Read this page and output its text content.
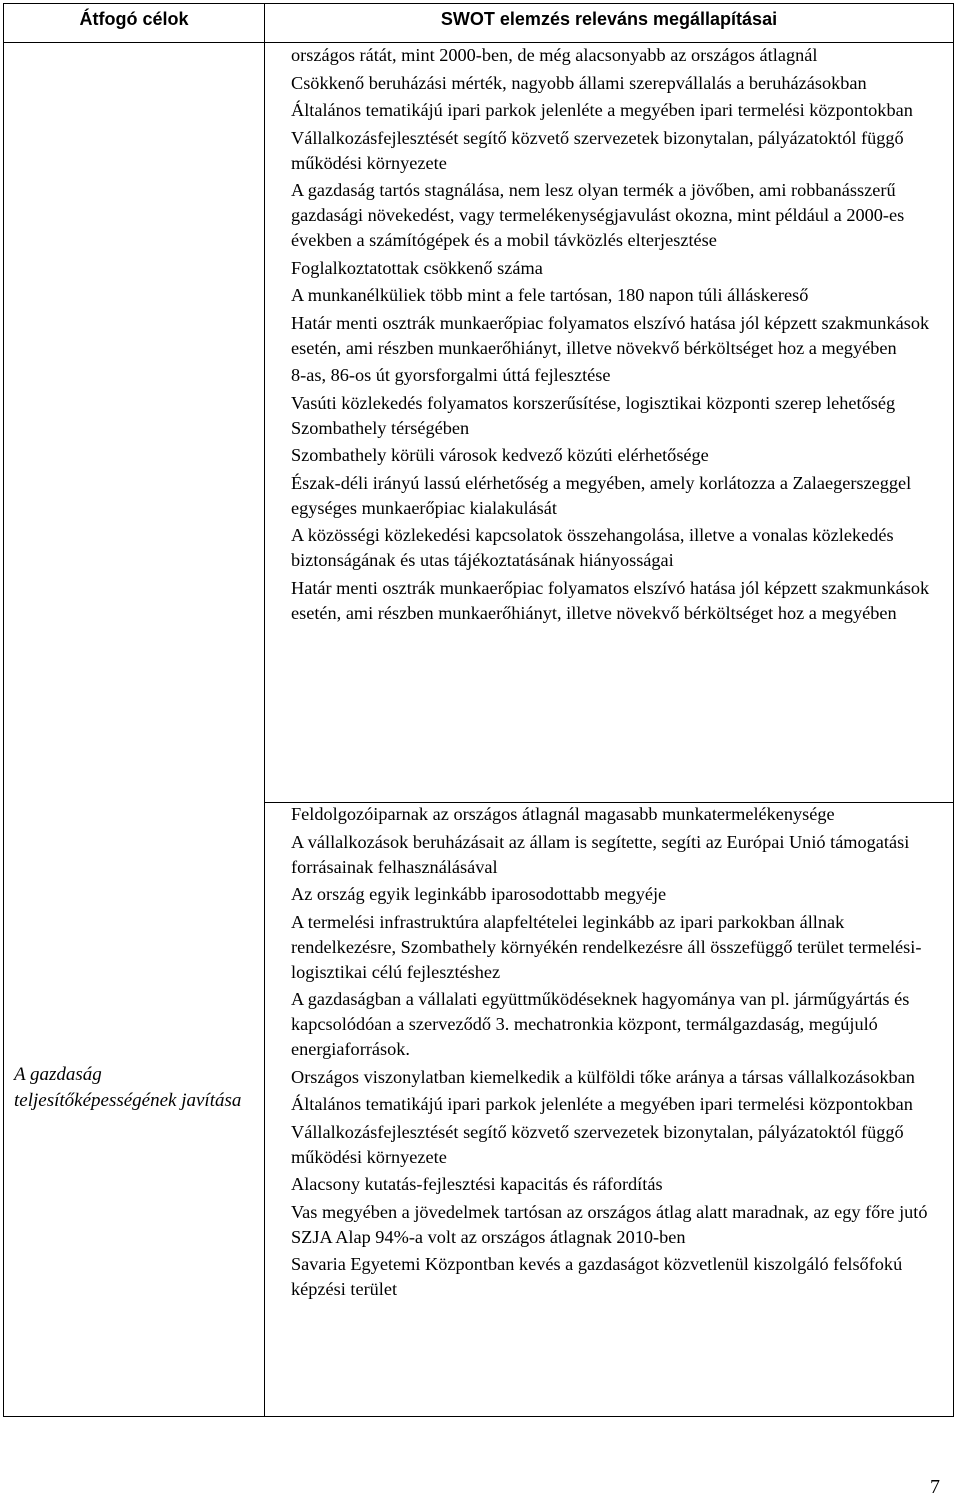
Átfogó célok	SWOT elemzés releváns megállapításai
A gazdaság teljesítőképességének javítása
országos rátát, mint 2000-ben, de még alacsonyabb az országos átlagnál
Csökkenő beruházási mérték, nagyobb állami szerepvállalás a beruházásokban
Általános tematikájú ipari parkok jelenléte a megyében ipari termelési központokban
Vállalkozásfejlesztését segítő közvető szervezetek bizonytalan, pályázatoktól függő működési környezete
A gazdaság tartós stagnálása, nem lesz olyan termék a jövőben, ami robbanásszerű gazdasági növekedést, vagy termelékenységjavulást okozna, mint például a 2000-es években a számítógépek és a mobil távközlés elterjesztése
Foglalkoztatottak csökkenő száma
A munkanélküliek több mint a fele tartósan, 180 napon túli álláskereső
Határ menti osztrák munkaerőpiac folyamatos elszívó hatása jól képzett szakmunkások esetén, ami részben munkaerőhiányt, illetve növekvő bérköltséget hoz a megyében
8-as, 86-os út gyorsforgalmi úttá fejlesztése
Vasúti közlekedés folyamatos korszerűsítése, logisztikai központi szerep lehetőség Szombathely térségében
Szombathely körüli városok kedvező közúti elérhetősége
Észak-déli irányú lassú elérhetőség a megyében, amely korlátozza a Zalaegerszeggel egységes munkaerőpiac kialakulását
A közösségi közlekedési kapcsolatok összehangolása, illetve a vonalas közlekedés biztonságának és utas tájékoztatásának hiányosságai
Határ menti osztrák munkaerőpiac folyamatos elszívó hatása jól képzett szakmunkások esetén, ami részben munkaerőhiányt, illetve növekvő bérköltséget hoz a megyében
Feldolgozóiparnak az országos átlagnál magasabb munkatermelékenysége
A vállalkozások beruházásait az állam is segítette, segíti az Európai Unió támogatási forrásainak felhasználásával
Az ország egyik leginkább iparosodottabb megyéje
A termelési infrastruktúra alapfeltételei leginkább az ipari parkokban állnak rendelkezésre, Szombathely környékén rendelkezésre áll összefüggő terület termelési-logisztikai célú fejlesztéshez
A gazdaságban a vállalati együttműködéseknek hagyománya van pl. járműgyártás és kapcsolódóan a szerveződő 3. mechatronkia központ, termálgazdaság, megújuló energiaforrások.
Országos viszonylatban kiemelkedik a külföldi tőke aránya a társas vállalkozásokban
Általános tematikájú ipari parkok jelenléte a megyében ipari termelési központokban
Vállalkozásfejlesztését segítő közvető szervezetek bizonytalan, pályázatoktól függő működési környezete
Alacsony kutatás-fejlesztési kapacitás és ráfordítás
Vas megyében a jövedelmek tartósan az országos átlag alatt maradnak, az egy főre jutó SZJA Alap 94%-a volt az országos átlagnak 2010-ben
Savaria Egyetemi Központban kevés a gazdaságot közvetlenül kiszolgáló felsőfokú képzési terület
7
